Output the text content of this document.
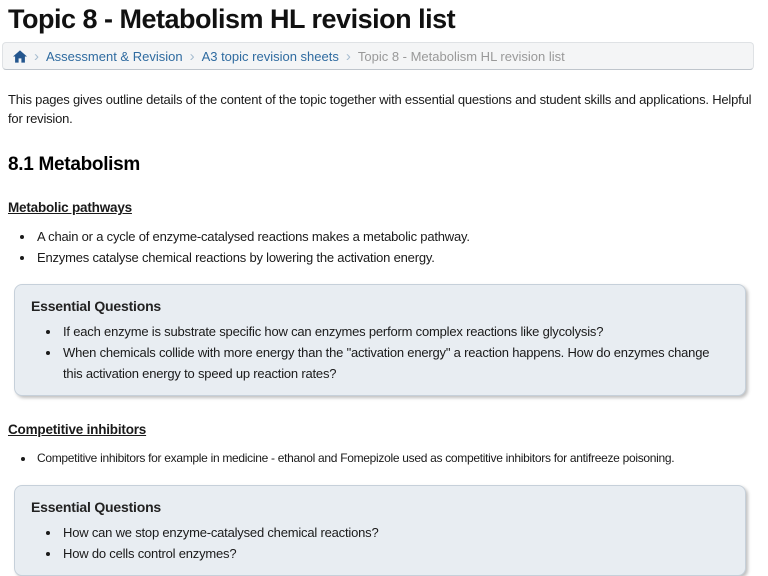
Topic 8 - Metabolism HL revision list
› Assessment & Revision › A3 topic revision sheets › Topic 8 - Metabolism HL revision list

This pages gives outline details of the content of the topic together with essential questions and student skills and applications. Helpful for revision.

8.1 Metabolism
Metabolic pathways
• A chain or a cycle of enzyme-catalysed reactions makes a metabolic pathway.
• Enzymes catalyse chemical reactions by lowering the activation energy.
Essential Questions
• If each enzyme is substrate specific how can enzymes perform complex reactions like glycolysis?
• When chemicals collide with more energy than the "activation energy" a reaction happens. How do enzymes change this activation energy to speed up reaction rates?
Competitive inhibitors
• Competitive inhibitors for example in medicine - ethanol and Fomepizole used as competitive inhibitors for antifreeze poisoning.
Essential Questions
• How can we stop enzyme-catalysed chemical reactions?
• How do cells control enzymes?
